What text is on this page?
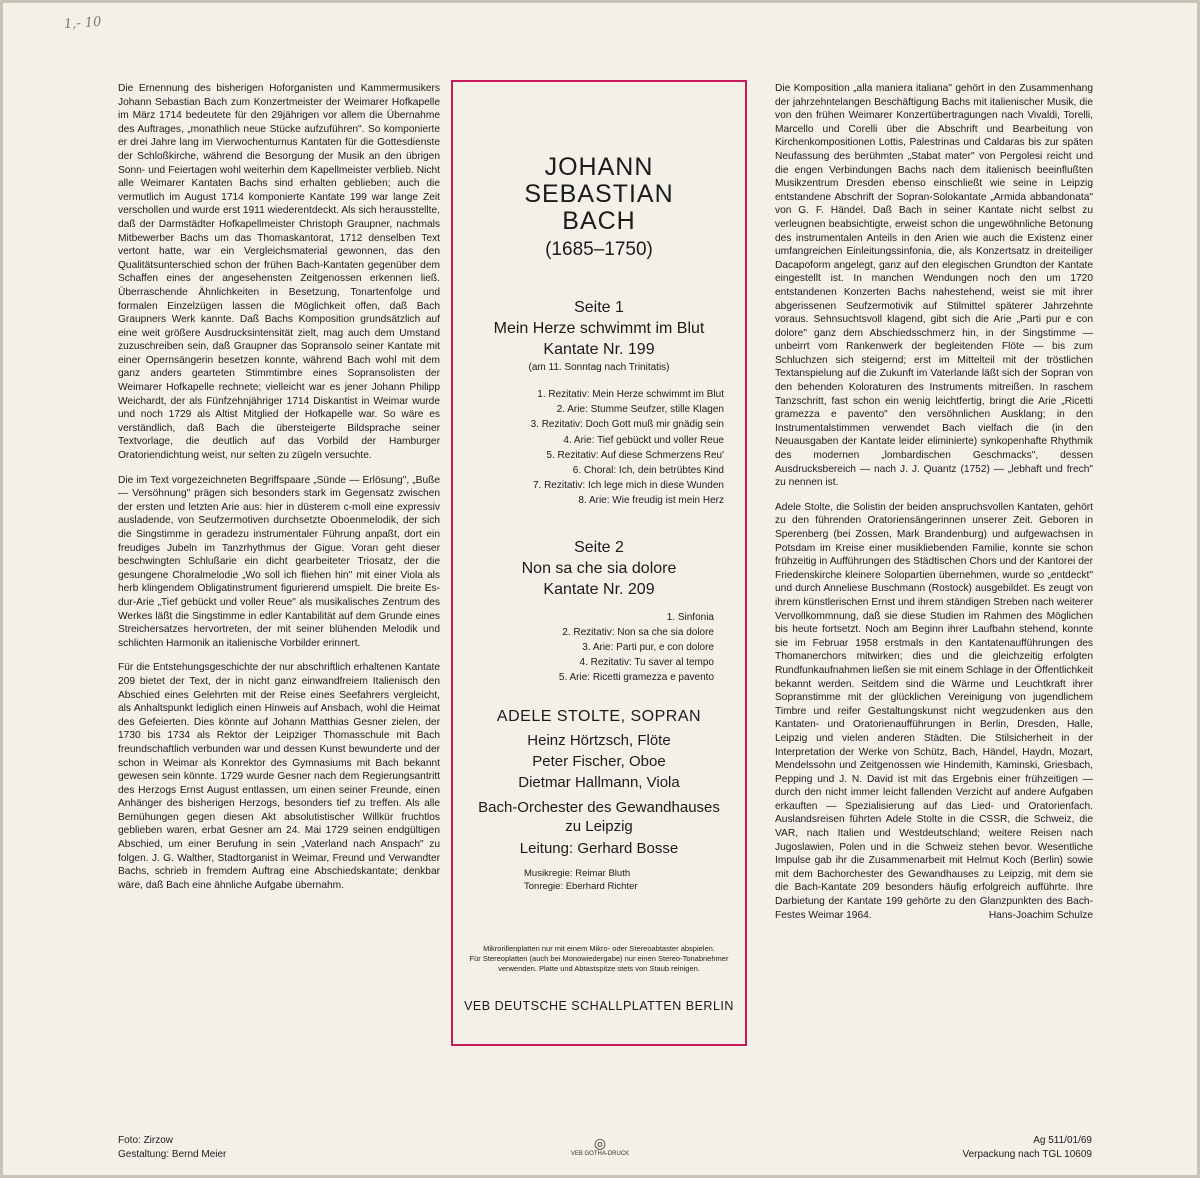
1,- 10

Die Ernennung des bisherigen Hoforganisten und Kammermusikers Johann Sebastian Bach zum Konzertmeister der Weimarer Hofkapelle im März 1714 bedeutete für den 29jährigen vor allem die Übernahme des Auftrages, „monathlich neue Stücke aufzuführen". So komponierte er drei Jahre lang im Vierwochenturnus Kantaten für die Gottesdienste der Schloßkirche, während die Besorgung der Musik an den übrigen Sonn- und Feiertagen wohl weiterhin dem Kapellmeister verblieb. Nicht alle Weimarer Kantaten Bachs sind erhalten geblieben; auch die vermutlich im August 1714 komponierte Kantate 199 war lange Zeit verschollen und wurde erst 1911 wiederentdeckt. Als sich herausstellte, daß der Darmstädter Hofkapellmeister Christoph Graupner, nachmals Mitbewerber Bachs um das Thomaskantorat, 1712 denselben Text vertont hatte, war ein Vergleichsmaterial gewonnen, das den Qualitätsunterschied schon der frühen Bach-Kantaten gegenüber dem Schaffen eines der angesehensten Zeitgenossen erkennen ließ. Überraschende Ähnlichkeiten in Besetzung, Tonartenfolge und formalen Einzelzügen lassen die Möglichkeit offen, daß Bach Graupners Werk kannte. Daß Bachs Komposition grundsätzlich auf eine weit größere Ausdrucksintensität zielt, mag auch dem Umstand zuzuschreiben sein, daß Graupner das Sopransolo seiner Kantate mit einer Opernsängerin besetzen konnte, während Bach wohl mit dem ganz anders gearteten Stimmtimbre eines Sopransolisten der Weimarer Hofkapelle rechnete; vielleicht war es jener Johann Philipp Weichardt, der als Fünfzehnjähriger 1714 Diskantist in Weimar wurde und noch 1729 als Altist Mitglied der Hofkapelle war. So wäre es verständlich, daß Bach die übersteigerte Bildsprache seiner Textvorlage, die deutlich auf das Vorbild der Hamburger Oratoriendichtung weist, nur selten zu zügeln versuchte.

Die im Text vorgezeichneten Begriffspaare „Sünde — Erlösung", „Buße — Versöhnung" prägen sich besonders stark im Gegensatz zwischen der ersten und letzten Arie aus: hier in düsterem c-moll eine expressiv ausladende, von Seufzermotiven durchsetzte Oboenmelodik, der sich die Singstimme in geradezu instrumentaler Führung anpaßt, dort ein freudiges Jubeln im Tanzrhythmus der Gigue. Voran geht dieser beschwingten Schlußarie ein dicht gearbeiteter Triosatz, der die gesungene Choralmelodie „Wo soll ich fliehen hin" mit einer Viola als herb klingendem Obligatinstrument figurierend umspielt. Die breite Es-dur-Arie „Tief gebückt und voller Reue" als musikalisches Zentrum des Werkes läßt die Singstimme in edler Kantabilität auf dem Grunde eines Streichersatzes hervortreten, der mit seiner blühenden Melodik und schlichten Harmonik an italienische Vorbilder erinnert.

Für die Entstehungsgeschichte der nur abschriftlich erhaltenen Kantate 209 bietet der Text, der in nicht ganz einwandfreiem Italienisch den Abschied eines Gelehrten mit der Reise eines Seefahrers vergleicht, als Anhaltspunkt lediglich einen Hinweis auf Ansbach, wohl die Heimat des Gefeierten. Dies könnte auf Johann Matthias Gesner zielen, der 1730 bis 1734 als Rektor der Leipziger Thomasschule mit Bach freundschaftlich verbunden war und dessen Kunst bewunderte und der schon in Weimar als Konrektor des Gymnasiums mit Bach bekannt gewesen sein könnte. 1729 wurde Gesner nach dem Regierungsantritt des Herzogs Ernst August entlassen, um einen seiner Freunde, einen Anhänger des bisherigen Herzogs, besonders tief zu treffen. Als alle Bemühungen gegen diesen Akt absolutistischer Willkür fruchtlos geblieben waren, erbat Gesner am 24. Mai 1729 seinen endgültigen Abschied, um einer Berufung in sein „Vaterland nach Anspach" zu folgen. J. G. Walther, Stadtorganist in Weimar, Freund und Verwandter Bachs, schrieb in fremdem Auftrag eine Abschiedskantate; denkbar wäre, daß Bach eine ähnliche Aufgabe übernahm.

JOHANN
SEBASTIAN
BACH
(1685–1750)
Seite 1
Mein Herze schwimmt im Blut
Kantate Nr. 199
(am 11. Sonntag nach Trinitatis)
1. Rezitativ: Mein Herze schwimmt im Blut
2. Arie: Stumme Seufzer, stille Klagen
3. Rezitativ: Doch Gott muß mir gnädig sein
4. Arie: Tief gebückt und voller Reue
5. Rezitativ: Auf diese Schmerzens Reu'
6. Choral: Ich, dein betrübtes Kind
7. Rezitativ: Ich lege mich in diese Wunden
8. Arie: Wie freudig ist mein Herz
Seite 2
Non sa che sia dolore
Kantate Nr. 209
1. Sinfonia
2. Rezitativ: Non sa che sia dolore
3. Arie: Parti pur, e con dolore
4. Rezitativ: Tu saver al tempo
5. Arie: Ricetti gramezza e pavento
ADELE STOLTE, SOPRAN
Heinz Hörtzsch, Flöte
Peter Fischer, Oboe
Dietmar Hallmann, Viola
Bach-Orchester des Gewandhauses
zu Leipzig
Leitung: Gerhard Bosse
Musikregie: Reimar Bluth
Tonregie: Eberhard Richter
Mikrorillenplatten nur mit einem Mikro- oder Stereoabtaster abspielen.
Für Stereoplatten (auch bei Monowiedergabe) nur einen Stereo-Tonabnehmer verwenden. Platte und Abtastspitze stets von Staub reinigen.
VEB DEUTSCHE SCHALLPLATTEN BERLIN

Die Komposition „alla maniera italiana" gehört in den Zusammenhang der jahrzehntelangen Beschäftigung Bachs mit italienischer Musik, die von den frühen Weimarer Konzertübertragungen nach Vivaldi, Torelli, Marcello und Corelli über die Abschrift und Bearbeitung von Kirchenkompositionen Lottis, Palestrinas und Caldaras bis zur späten Neufassung des berühmten „Stabat mater" von Pergolesi reicht und die engen Verbindungen Bachs nach dem italienisch beeinflußten Musikzentrum Dresden ebenso einschließt wie seine in Leipzig entstandene Abschrift der Sopran-Solokantate „Armida abbandonata" von G. F. Händel. Daß Bach in seiner Kantate nicht selbst zu verleugnen beabsichtigte, erweist schon die ungewöhnliche Betonung des instrumentalen Anteils in den Arien wie auch die Existenz einer umfangreichen Einleitungssinfonia, die, als Konzertsatz in dreiteiliger Dacapoform angelegt, ganz auf den elegischen Grundton der Kantate eingestellt ist. In manchen Wendungen noch den um 1720 entstandenen Konzerten Bachs nahestehend, weist sie mit ihrer abgerissenen Seufzermotivik auf Stilmittel späterer Jahrzehnte voraus. Sehnsuchtsvoll klagend, gibt sich die Arie „Parti pur e con dolore" ganz dem Abschiedsschmerz hin, in der Singstimme — unbeirrt vom Rankenwerk der begleitenden Flöte — bis zum Schluchzen sich steigernd; erst im Mittelteil mit der tröstlichen Textanspielung auf die Zukunft im Vaterlande läßt sich der Sopran von den behenden Koloraturen des Instruments mitreißen. In raschem Tanzschritt, fast schon ein wenig leichtfertig, bringt die Arie „Ricetti gramezza e pavento" den versöhnlichen Ausklang; in den Instrumentalstimmen verwendet Bach vielfach die (in den Neuausgaben der Kantate leider eliminierte) synkopenhafte Rhythmik des modernen „lombardischen Geschmacks", dessen Ausdrucksbereich — nach J. J. Quantz (1752) — „lebhaft und frech" zu nennen ist.

Adele Stolte, die Solistin der beiden anspruchsvollen Kantaten, gehört zu den führenden Oratoriensängerinnen unserer Zeit. Geboren in Sperenberg (bei Zossen, Mark Brandenburg) und aufgewachsen in Potsdam im Kreise einer musikliebenden Familie, konnte sie schon frühzeitig in Aufführungen des Städtischen Chors und der Kantorei der Friedenskirche kleinere Solopartien übernehmen, wurde so „entdeckt" und durch Anneliese Buschmann (Rostock) ausgebildet. Es zeugt von ihrem künstlerischen Ernst und ihrem ständigen Streben nach weiterer Vervollkommnung, daß sie diese Studien im Rahmen des Möglichen bis heute fortsetzt. Noch am Beginn ihrer Laufbahn stehend, konnte sie im Februar 1958 erstmals in den Kantatenaufführungen des Thomanerchors mitwirken; dies und die gleichzeitig erfolgten Rundfunkaufnahmen ließen sie mit einem Schlage in der Öffentlichkeit bekannt werden. Seitdem sind die Wärme und Leuchtkraft ihrer Sopranstimme mit der glücklichen Vereinigung von jugendlichem Timbre und reifer Gestaltungskunst nicht wegzudenken aus den Kantaten- und Oratorienaufführungen in Berlin, Dresden, Halle, Leipzig und vielen anderen Städten. Die Stilsicherheit in der Interpretation der Werke von Schütz, Bach, Händel, Haydn, Mozart, Mendelssohn und Zeitgenossen wie Hindemith, Kaminski, Griesbach, Pepping und J. N. David ist mit das Ergebnis einer frühzeitigen — durch den nicht immer leicht fallenden Verzicht auf andere Aufgaben erkauften — Spezialisierung auf das Lied- und Oratorienfach. Auslandsreisen führten Adele Stolte in die CSSR, die Schweiz, die VAR, nach Italien und Westdeutschland; weitere Reisen nach Jugoslawien, Polen und in die Schweiz stehen bevor. Wesentliche Impulse gab ihr die Zusammenarbeit mit Helmut Koch (Berlin) sowie mit dem Bachorchester des Gewandhauses zu Leipzig, mit dem sie die Bach-Kantate 209 besonders häufig erfolgreich aufführte. Ihre Darbietung der Kantate 199 gehörte zu den Glanzpunkten des Bach-Festes Weimar 1964.	Hans-Joachim Schulze
Foto: Zirzow
Gestaltung: Bernd Meier
◎
VEB GOTHA-DRUCK
Ag 511/01/69
Verpackung nach TGL 10609
